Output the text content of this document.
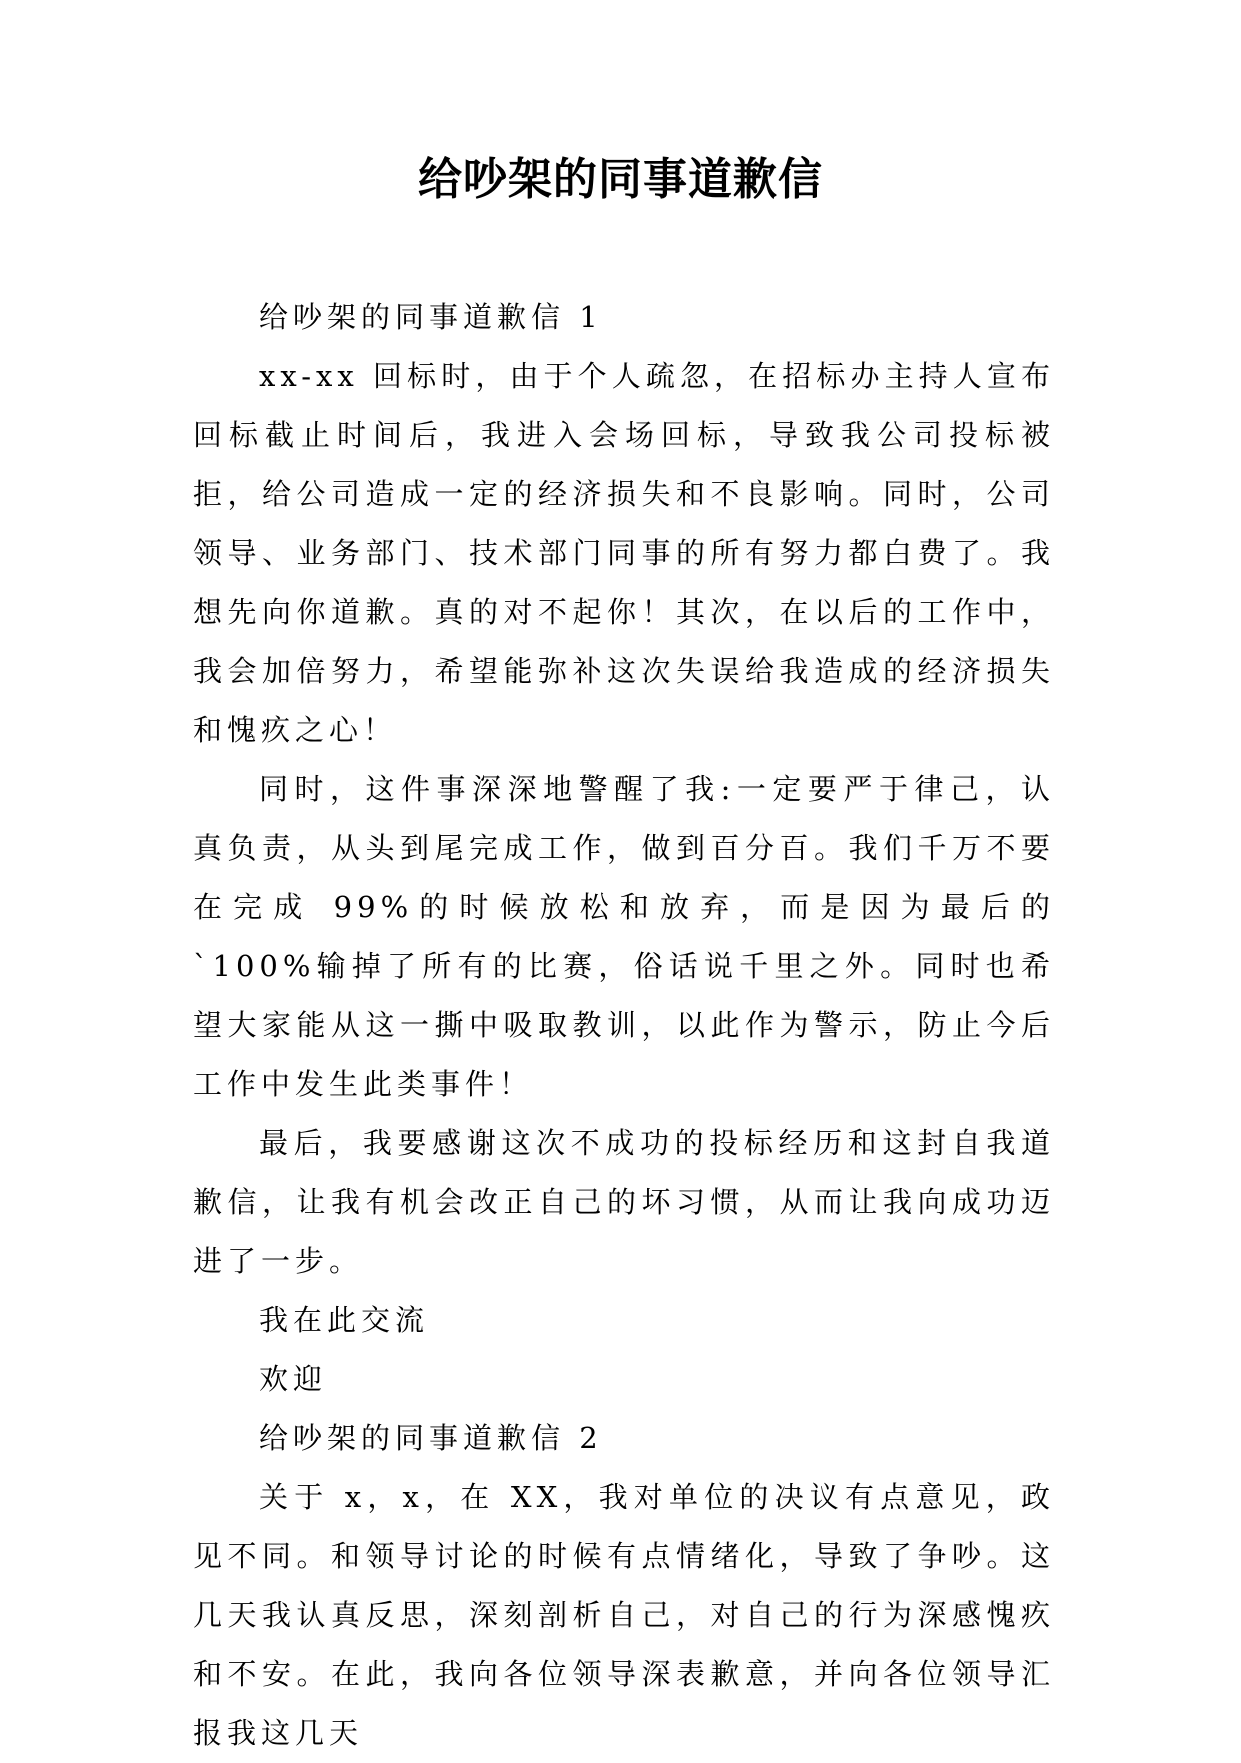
给吵架的同事道歉信

给吵架的同事道歉信 1

xx-xx 回标时，由于个人疏忽，在招标办主持人宣布回标截止时间后，我进入会场回标，导致我公司投标被拒，给公司造成一定的经济损失和不良影响。同时，公司领导、业务部门、技术部门同事的所有努力都白费了。我想先向你道歉。真的对不起你！其次，在以后的工作中，我会加倍努力，希望能弥补这次失误给我造成的经济损失和愧疚之心！

同时，这件事深深地警醒了我:一定要严于律己，认真负责，从头到尾完成工作，做到百分百。我们千万不要在完成 99%的时候放松和放弃，而是因为最后的`100%输掉了所有的比赛，俗话说千里之外。同时也希望大家能从这一撕中吸取教训，以此作为警示，防止今后工作中发生此类事件！

最后，我要感谢这次不成功的投标经历和这封自我道歉信，让我有机会改正自己的坏习惯，从而让我向成功迈进了一步。

我在此交流

欢迎

给吵架的同事道歉信 2

关于 x，x，在 XX，我对单位的决议有点意见，政见不同。和领导讨论的时候有点情绪化，导致了争吵。这几天我认真反思，深刻剖析自己，对自己的行为深感愧疚和不安。在此，我向各位领导深表歉意，并向各位领导汇报我这几天
